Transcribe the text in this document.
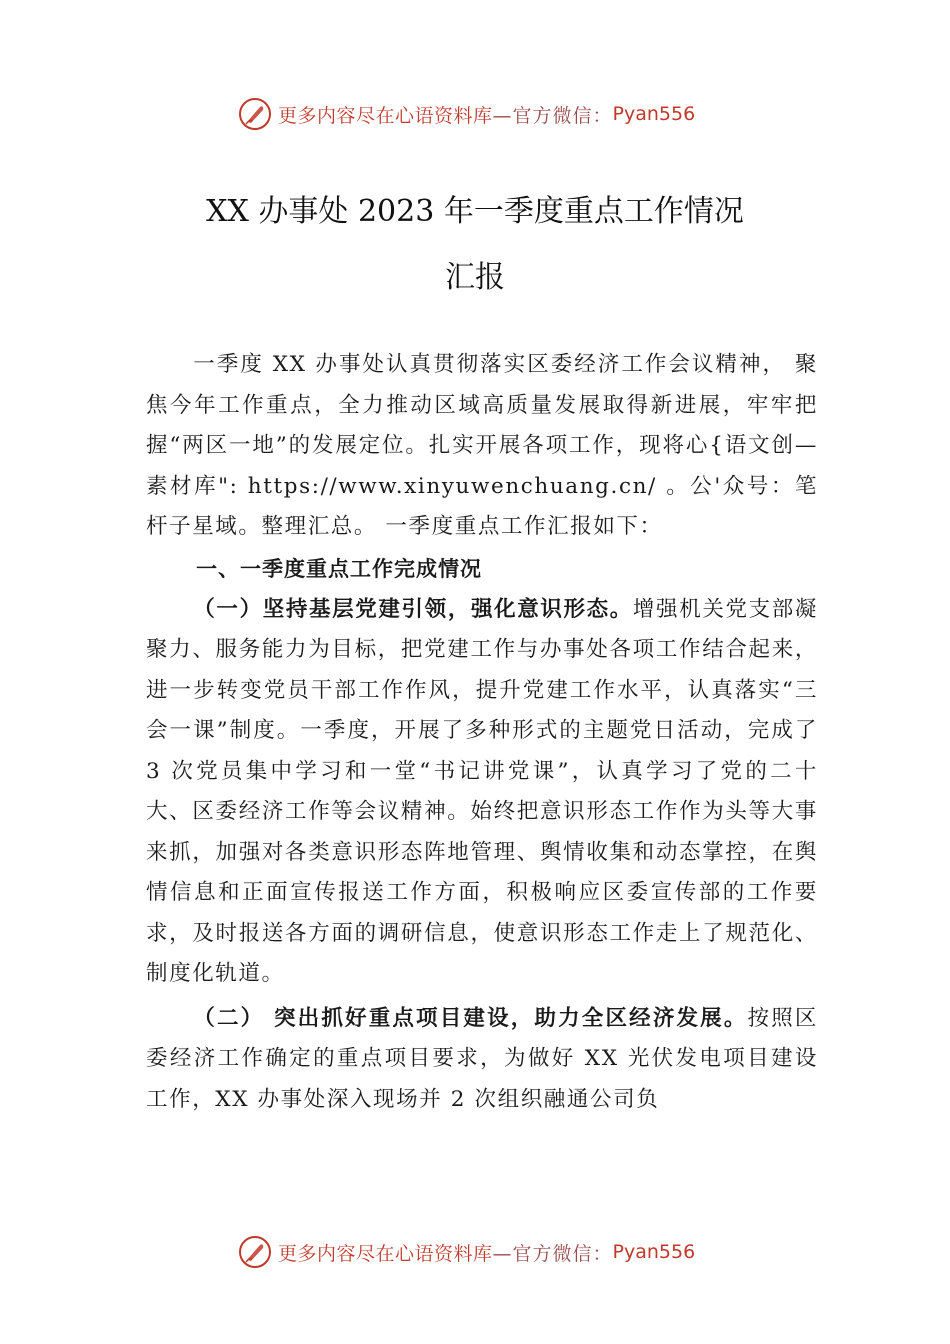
更多内容尽在心语资料库 —官方微信： Pyan556
XX 办事处 2023 年一季度重点工作情况
汇报

一季度 XX 办事处认真贯彻落实区委经济工作会议精神， 聚焦今年工作重点，全力推动区域高质量发展取得新进展，牢牢把握“两区一地”的发展定位。扎实开展各项工作，现将心{语文创—素材库": https://www.xinyuwenchuang.cn/ 。公'众号：笔杆子星域。整理汇总。 一季度重点工作汇报如下：

一、一季度重点工作完成情况

（一）坚持基层党建引领，强化意识形态。增强机关党支部凝聚力、服务能力为目标，把党建工作与办事处各项工作结合起来，进一步转变党员干部工作作风，提升党建工作水平，认真落实“三会一课”制度。一季度，开展了多种形式的主题党日活动，完成了 3 次党员集中学习和一堂“书记讲党课”，认真学习了党的二十大、区委经济工作等会议精神。始终把意识形态工作作为头等大事来抓，加强对各类意识形态阵地管理、舆情收集和动态掌控，在舆情信息和正面宣传报送工作方面，积极响应区委宣传部的工作要求，及时报送各方面的调研信息，使意识形态工作走上了规范化、制度化轨道。

（二） 突出抓好重点项目建设，助力全区经济发展。按照区委经济工作确定的重点项目要求，为做好 XX 光伏发电项目建设工作，XX 办事处深入现场并 2 次组织融通公司负

更多内容尽在心语资料库 —官方微信： Pyan556
